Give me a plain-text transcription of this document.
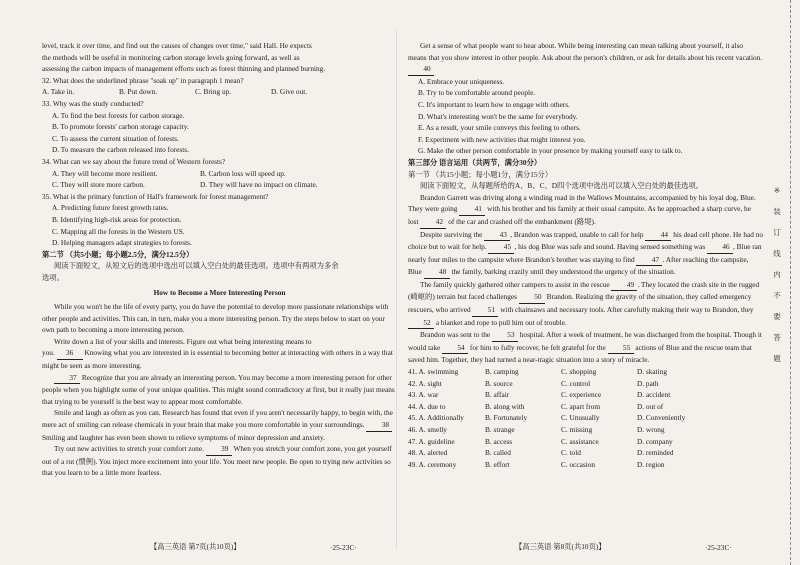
level, track it over time, and find out the causes of changes over time," said Hall. He expects

the methods will be useful in monitoring carbon storage levels going forward, as well as

assessing the carbon impacts of management efforts such as forest thinning and planned burning.

32. What does the underlined phrase "soak up" in paragraph 1 mean?

A. Take in.	B. Put down.	C. Bring up.	D. Give out.

33. Why was the study conducted?

A. To find the best forests for carbon storage.

B. To promote forests' carbon storage capacity.

C. To assess the current situation of forests.

D. To measure the carbon released into forests.

34. What can we say about the future trend of Western forests?

A. They will become more resilient.	B. Carbon loss will speed up.
C. They will store more carbon.	D. They will have no impact on climate.

35. What is the primary function of Hall's framework for forest management?

A. Predicting future forest growth rates.

B. Identifying high-risk areas for protection.

C. Mapping all the forests in the Western US.

D. Helping managers adapt strategies to forests.

第二节 （共5小题；每小题2.5分，满分12.5分）

阅读下面短文，从短文后的选项中选出可以填入空白处的最佳选项。选项中有两项为多余

选项。

How to Become a More Interesting Person

While you won't be the life of every party, you do have the potential to develop more passionate relationships with other people and activities. This can, in turn, make you a more interesting person. Try the steps below to start on your own path to becoming a more interesting person.

Write down a list of your skills and interests. Figure out what being interesting means to

you. 36 Knowing what you are interested in is essential to becoming better at interacting with others in a way that might be seen as more interesting.

37 Recognize that you are already an interesting person. You may become a more interesting person for other people when you highlight some of your unique qualities. This might sound contradictory at first, but it really just means that trying to be yourself is the best way to appear most comfortable.

Smile and laugh as often as you can. Research has found that even if you aren't necessarily happy, to begin with, the mere act of smiling can release chemicals in your brain that make you more comfortable in your surroundings. 38 Smiling and laughter has even been shown to relieve symptoms of minor depression and anxiety.

Try out new activities to stretch your comfort zone. 39 When you stretch your comfort zone, you get yourself out of a rut (惯例). You inject more excitement into your life. You meet new people. Be open to trying new activities so that you learn to be a little more fearless.

【高三英语 第7页(共10页)】	·25-23C·

Get a sense of what people want to hear about. While being interesting can mean talking about yourself, it also means that you show interest in other people. Ask about the person's children, or ask for details about his recent vacation. 40

A. Embrace your uniqueness.

B. Try to be comfortable around people.

C. It's important to learn how to engage with others.

D. What's interesting won't be the same for everybody.

E. As a result, your smile conveys this feeling to others.

F. Experiment with new activities that might interest you.

G. Make the other person comfortable in your presence by making yourself easy to talk to.

第三部分 语言运用（共两节，满分30分）

第一节 （共15小题；每小题1分，满分15分）

阅读下面短文，从每题所给的A、B、C、D四个选项中选出可以填入空白处的最佳选项。

Brandon Garrett was driving along a winding road in the Wallows Mountains, accompanied by his loyal dog, Blue. They were going 41 with his brother and his family at their usual campsite. As he approached a sharp curve, he lost 42 of the car and crashed off the embankment (路堤).

Despite surviving the 43 , Brandon was trapped, unable to call for help 44 his dead cell phone. He had no choice but to wait for help. 45 , his dog Blue was safe and sound. Having sensed something was 46 , Blue ran nearly four miles to the campsite where Brandon's brother was staying to find 47 . After reaching the campsite, Blue 48 the family, barking crazily until they understood the urgency of the situation.

The family quickly gathered other campers to assist in the rescue 49 . They located the crash site in the rugged (崎岖的) terrain but faced challenges 50 Brandon. Realizing the gravity of the situation, they called emergency rescuers, who arrived 51 with chainsaws and necessary tools. After carefully making their way to Brandon, they 52 a blanket and rope to pull him out of trouble.

Brandon was sent to the 53 hospital. After a week of treatment, he was discharged from the hospital. Though it would take 54 for him to fully recover, he felt grateful for the 55 actions of Blue and the rescue team that saved him. Together, they had turned a near-tragic situation into a story of miracle.

41. A. swimming	B. camping	C. shopping	D. skating
42. A. sight	B. source	C. control	D. path
43. A. war	B. affair	C. experience	D. accident
44. A. due to	B. along with	C. apart from	D. out of
45. A. Additionally	B. Fortunately	C. Unusually	D. Conveniently
46. A. smelly	B. strange	C. missing	D. wrong
47. A. guideline	B. access	C. assistance	D. company
48. A. alerted	B. called	C. told	D. reminded
49. A. ceremony	B. effort	C. occasion	D. region
【高三英语 第8页(共10页)】	·25-23C·
※
装
订
线
内
不
要
答
题
